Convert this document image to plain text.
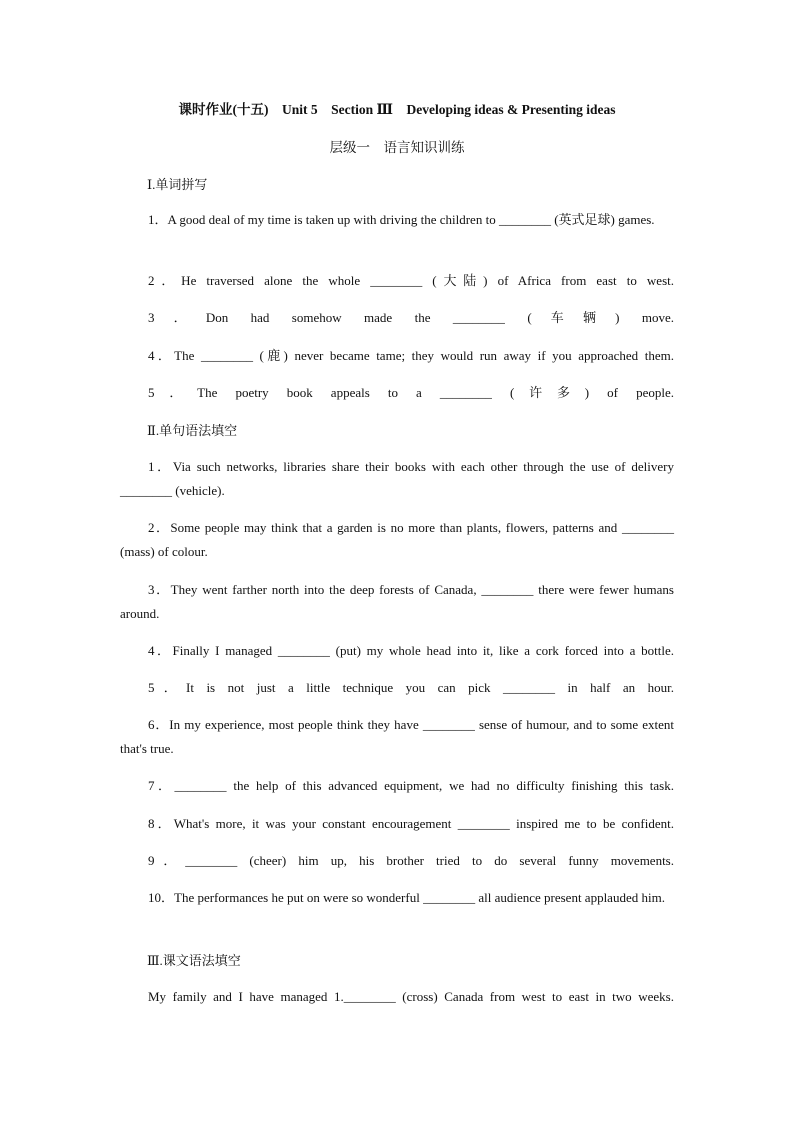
课时作业(十五)　Unit 5　Section Ⅲ　Developing ideas & Presenting ideas
层级一　语言知识训练
Ⅰ.单词拼写
1．A good deal of my time is taken up with driving the children to ________ (英式足球) games.
2．He traversed alone the whole ________ (大陆) of Africa from east to west.
3．Don had somehow made the ________ (车辆) move.
4．The ________ (鹿) never became tame; they would run away if you approached them.
5．The poetry book appeals to a ________ (许多) of people.
Ⅱ.单句语法填空
1．Via such networks, libraries share their books with each other through the use of delivery ________ (vehicle).
2．Some people may think that a garden is no more than plants, flowers, patterns and ________ (mass) of colour.
3．They went farther north into the deep forests of Canada, ________ there were fewer humans around.
4．Finally I managed ________ (put) my whole head into it, like a cork forced into a bottle.
5．It is not just a little technique you can pick ________ in half an hour.
6．In my experience, most people think they have ________ sense of humour, and to some extent that's true.
7．________ the help of this advanced equipment, we had no difficulty finishing this task.
8．What's more, it was your constant encouragement ________ inspired me to be confident.
9．________ (cheer) him up, his brother tried to do several funny movements.
10．The performances he put on were so wonderful ________ all audience present applauded him.
Ⅲ.课文语法填空
My family and I have managed 1.________ (cross) Canada from west to east in two weeks.
